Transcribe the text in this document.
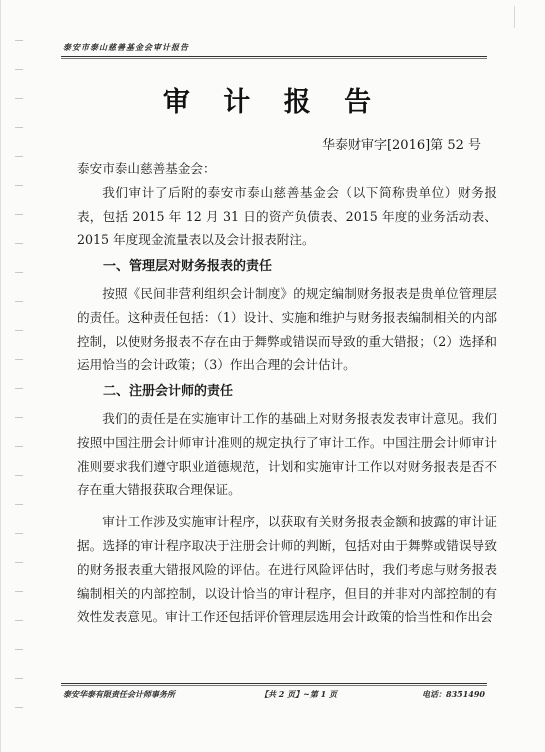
泰安市泰山慈善基金会审计报告
审 计 报 告
华泰财审字[2016]第 52 号

泰安市泰山慈善基金会：

我们审计了后附的泰安市泰山慈善基金会（以下简称贵单位）财务报表，包括 2015 年 12 月 31 日的资产负债表、2015 年度的业务活动表、2015 年度现金流量表以及会计报表附注。

一、管理层对财务报表的责任

按照《民间非营利组织会计制度》的规定编制财务报表是贵单位管理层的责任。这种责任包括：（1）设计、实施和维护与财务报表编制相关的内部控制，以使财务报表不存在由于舞弊或错误而导致的重大错报；（2）选择和运用恰当的会计政策；（3）作出合理的会计估计。

二、注册会计师的责任

我们的责任是在实施审计工作的基础上对财务报表发表审计意见。我们按照中国注册会计师审计准则的规定执行了审计工作。中国注册会计师审计准则要求我们遵守职业道德规范，计划和实施审计工作以对财务报表是否不存在重大错报获取合理保证。

审计工作涉及实施审计程序，以获取有关财务报表金额和披露的审计证据。选择的审计程序取决于注册会计师的判断，包括对由于舞弊或错误导致的财务报表重大错报风险的评估。在进行风险评估时，我们考虑与财务报表编制相关的内部控制，以设计恰当的审计程序，但目的并非对内部控制的有效性发表意见。审计工作还包括评价管理层选用会计政策的恰当性和作出会

泰安华泰有限责任会计师事务所	【共 2 页】~第 1 页	电话：8351490
